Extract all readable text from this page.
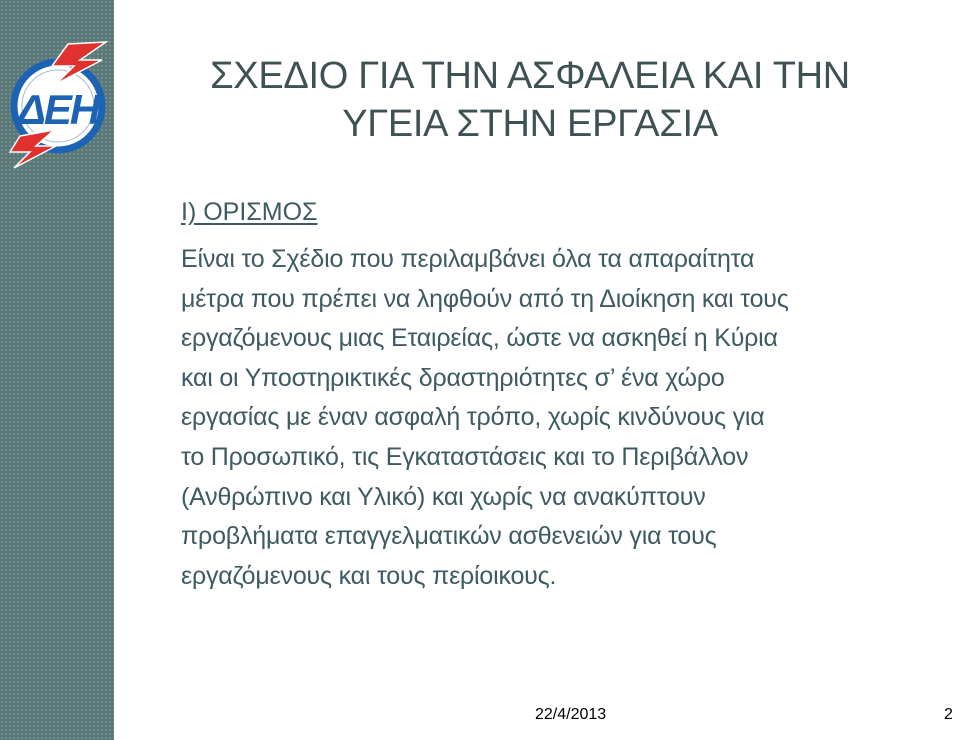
ΔΕΗ
ΣΧΕΔΙΟ ΓΙΑ ΤΗΝ ΑΣΦΑΛΕΙΑ ΚΑΙ ΤΗΝ
ΥΓΕΙΑ ΣΤΗΝ ΕΡΓΑΣΙΑ
Ι) ΟΡΙΣΜΟΣ

Είναι το Σχέδιο που περιλαμβάνει όλα τα απαραίτητα
μέτρα που πρέπει να ληφθούν από τη Διοίκηση και τους
εργαζόμενους μιας Εταιρείας, ώστε να ασκηθεί η Κύρια
και οι Υποστηρικτικές δραστηριότητες σ’ ένα χώρο
εργασίας με έναν ασφαλή τρόπο, χωρίς κινδύνους για
το Προσωπικό, τις Εγκαταστάσεις και το Περιβάλλον
(Ανθρώπινο και Υλικό) και χωρίς να ανακύπτουν
προβλήματα επαγγελματικών ασθενειών για τους
εργαζόμενους και τους περίοικους.

22/4/2013	2
